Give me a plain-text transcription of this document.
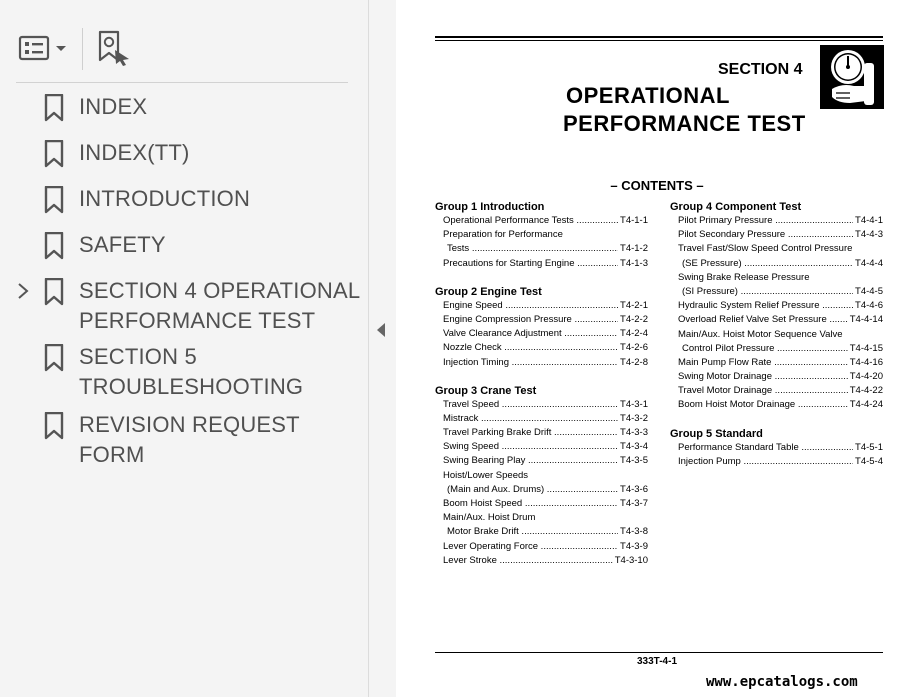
INDEX
INDEX(TT)
INTRODUCTION
SAFETY
SECTION 4 OPERATIONAL
PERFORMANCE TEST
SECTION 5
TROUBLESHOOTING
REVISION REQUEST FORM
SECTION 4
OPERATIONAL
PERFORMANCE TEST
– CONTENTS –
Group 1 Introduction
Operational Performance Tests .....	T4-1-1
Preparation for Performance
Tests .....	T4-1-2
Precautions for Starting Engine .....	T4-1-3
Group 2 Engine Test
Engine Speed .....	T4-2-1
Engine Compression Pressure .....	T4-2-2
Valve Clearance Adjustment .....	T4-2-4
Nozzle Check .....	T4-2-6
Injection Timing .....	T4-2-8
Group 3 Crane Test
Travel Speed .....	T4-3-1
Mistrack .....	T4-3-2
Travel Parking Brake Drift .....	T4-3-3
Swing Speed .....	T4-3-4
Swing Bearing Play .....	T4-3-5
Hoist/Lower Speeds
(Main and Aux. Drums) .....	T4-3-6
Boom Hoist Speed .....	T4-3-7
Main/Aux. Hoist Drum
Motor Brake Drift .....	T4-3-8
Lever Operating Force .....	T4-3-9
Lever Stroke .....	T4-3-10
Group 4 Component Test
Pilot Primary Pressure .....	T4-4-1
Pilot Secondary Pressure .....	T4-4-3
Travel Fast/Slow Speed Control Pressure
(SE Pressure) .....	T4-4-4
Swing Brake Release Pressure
(SI Pressure) .....	T4-4-5
Hydraulic System Relief Pressure .....	T4-4-6
Overload Relief Valve Set Pressure .....	T4-4-14
Main/Aux. Hoist Motor Sequence Valve
Control Pilot Pressure .....	T4-4-15
Main Pump Flow Rate .....	T4-4-16
Swing Motor Drainage .....	T4-4-20
Travel Motor Drainage .....	T4-4-22
Boom Hoist Motor Drainage .....	T4-4-24
Group 5 Standard
Performance Standard Table .....	T4-5-1
Injection Pump .....	T4-5-4
333T-4-1
www.epcatalogs.com
